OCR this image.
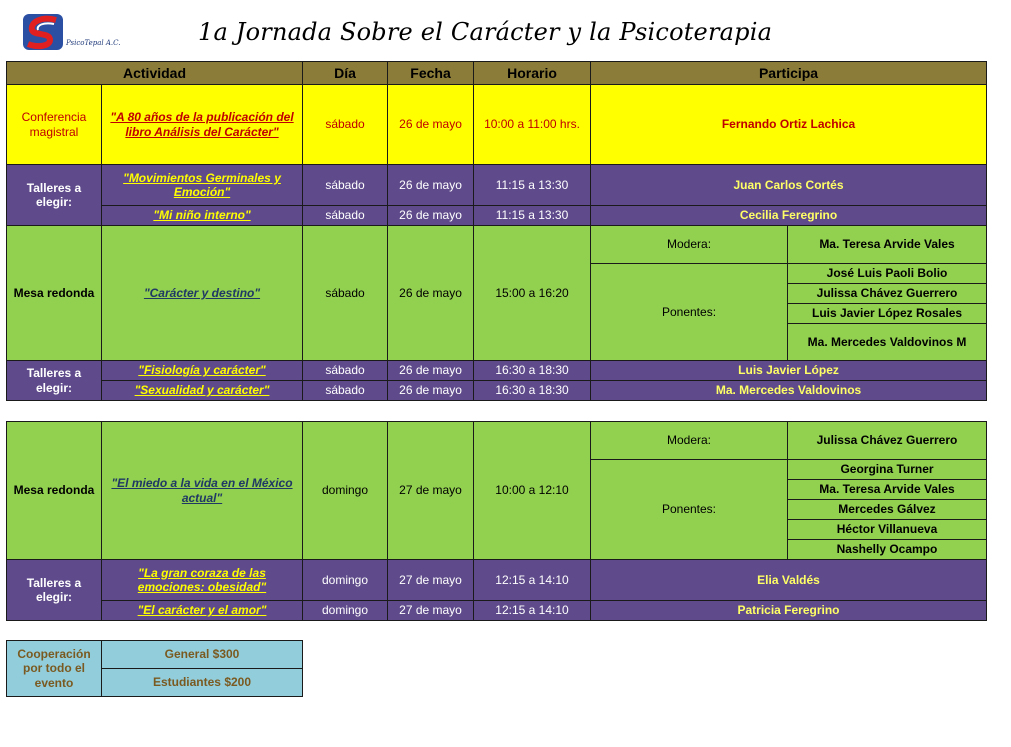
PsicoTepal A.C.	1a Jornada Sobre el Carácter y la Psicoterapia
Actividad		Día	Fecha	Horario	Participa	
Conferencia magistral	"A 80 años de la publicación del libro Análisis del Carácter"	sábado	26 de mayo	10:00 a 11:00 hrs.	Fernando Ortiz Lachica	
Talleres a elegir:	"Movimientos Germinales y Emoción"	sábado	26 de mayo	11:15 a 13:30	Juan Carlos Cortés	
	"Mi niño interno"	sábado	26 de mayo	11:15 a 13:30	Cecilia Feregrino	
Mesa redonda	"Carácter y destino"	sábado	26 de mayo	15:00 a 16:20	Modera:	Ma. Teresa Arvide Vales
					Ponentes:	José Luis Paoli Bolio
						Julissa Chávez Guerrero
						Luis Javier López Rosales
						Ma. Mercedes Valdovinos M
Talleres a elegir:	"Fisiología y carácter"	sábado	26 de mayo	16:30 a 18:30	Luis Javier López	
	"Sexualidad y carácter"	sábado	26 de mayo	16:30 a 18:30	Ma. Mercedes Valdovinos	
Mesa redonda	"El miedo a la vida en el México actual"	domingo	27 de mayo	10:00 a 12:10	Modera:	Julissa Chávez Guerrero
					Ponentes:	Georgina Turner
						Ma. Teresa Arvide Vales
						Mercedes Gálvez
						Héctor Villanueva
						Nashelly Ocampo
Talleres a elegir:	"La gran coraza de las emociones: obesidad"	domingo	27 de mayo	12:15 a 14:10	Elia Valdés	
	"El carácter y el amor"	domingo	27 de mayo	12:15 a 14:10	Patricia Feregrino	
Cooperación por todo el evento	General $300
Estudiantes $200
